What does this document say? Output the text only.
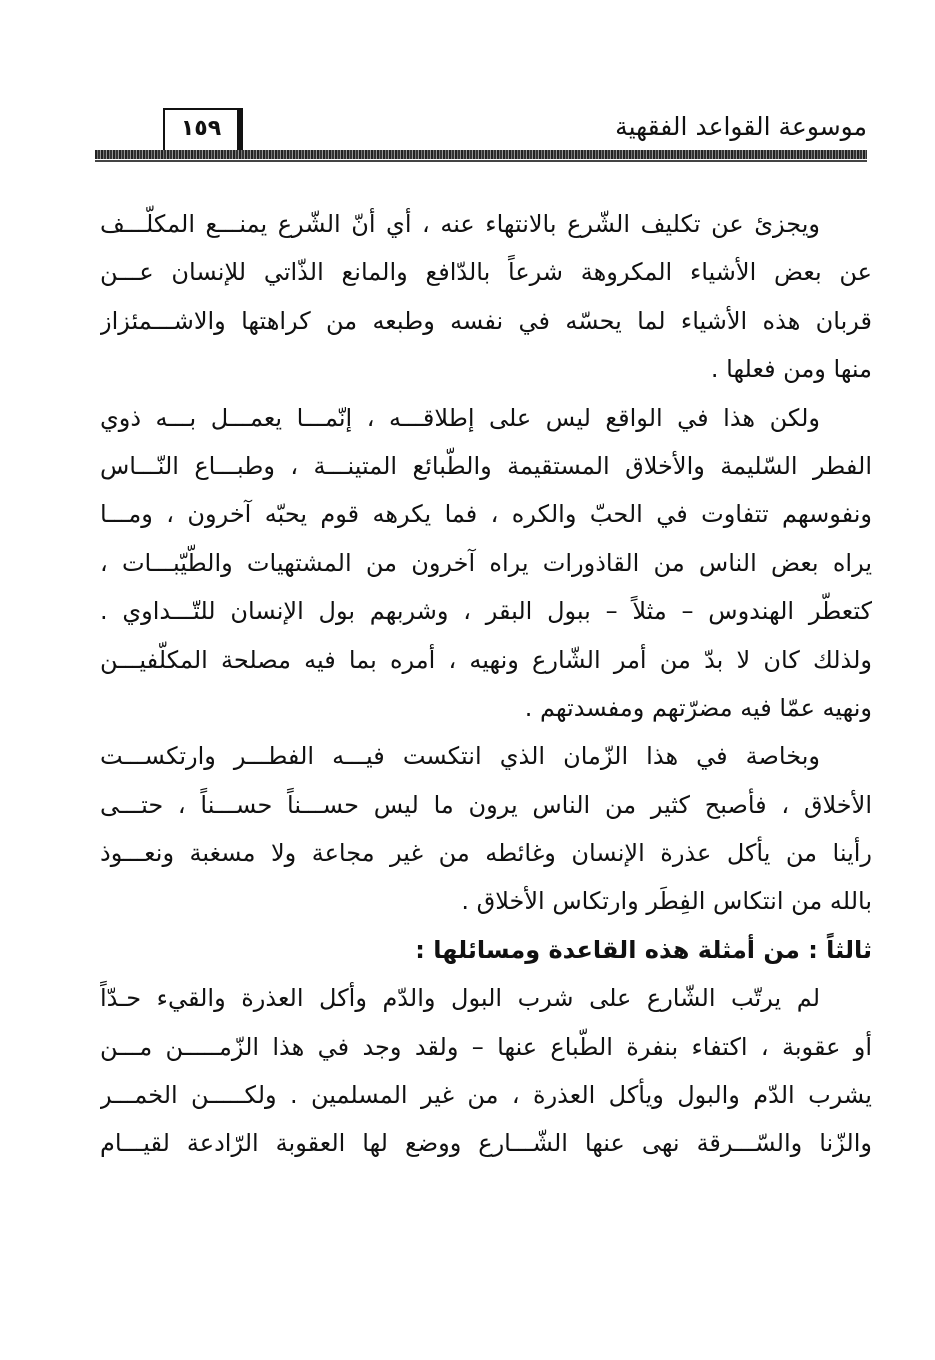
١٥٩	موسوعة القواعد الفقهية
ويجزئ عن تكليف الشّرع بالانتهاء عنه ، أي أنّ الشّرع يمنـــع المكلّـــف
عن بعض الأشياء المكروهة شرعاً بالدّافع والمانع الذّاتي للإنسان عـــن
قربان هذه الأشياء لما يحسّه في نفسه وطبعه من كراهتها والاشـــمئزاز
منها ومن فعلها .
ولكن هذا في الواقع ليس على إطلاقـــه ، إنّمـــا يعمـــل بـــه ذوي
الفطر السّليمة والأخلاق المستقيمة والطّبائع المتينـــة ، وطبـــاع النّـــاس
ونفوسهم تتفاوت في الحبّ والكره ، فما يكرهه قوم يحبّه آخرون ، ومـــا
يراه بعض الناس من القاذورات يراه آخرون من المشتهيات والطّيّبـــات ،
كتعطّر الهندوس – مثلاً – ببول البقر ، وشربهم بول الإنسان للتّـــداوي .
ولذلك كان لا بدّ من أمر الشّارع ونهيه ، أمره بما فيه مصلحة المكلّفيـــن
ونهيه عمّا فيه مضرّتهم ومفسدتهم .
وبخاصة في هذا الزّمان الذي انتكست فيـــه الفطـــر وارتكســـت
الأخلاق ، فأصبح كثير من الناس يرون ما ليس حســـناً حســـناً ، حتـــى
رأينا من يأكل عذرة الإنسان وغائطه من غير مجاعة ولا مسغبة ونعـــوذ
بالله من انتكاس الفِطَر وارتكاس الأخلاق .
ثالثاً : من أمثلة هذه القاعدة ومسائلها :
لم يرتّب الشّارع على شرب البول والدّم وأكل العذرة والقيء حـدّاً
أو عقوبة ، اكتفاء بنفرة الطّباع عنها – ولقد وجد في هذا الزّمـــــن مـــن
يشرب الدّم والبول ويأكل العذرة ، من غير المسلمين . ولكـــــن الخمـــر
والزّنا والسّـــرقة نهى عنها الشّـــارع ووضع لها العقوبة الرّادعة لقيـــام
